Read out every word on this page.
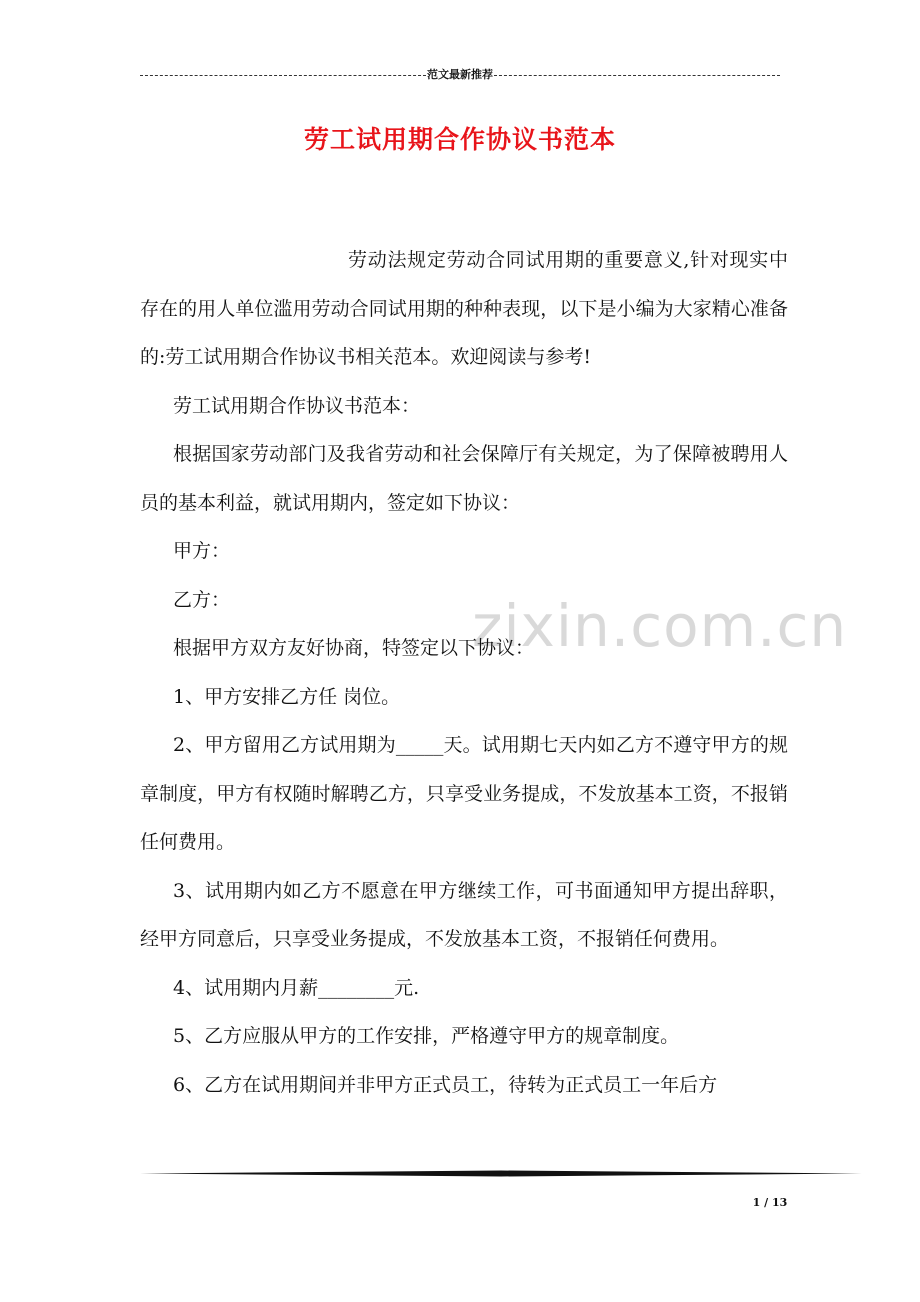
范文最新推荐
劳工试用期合作协议书范本
zixin.com.cn

劳动法规定劳动合同试用期的重要意义,针对现实中存在的用人单位滥用劳动合同试用期的种种表现，以下是小编为大家精心准备的:劳工试用期合作协议书相关范本。欢迎阅读与参考!

劳工试用期合作协议书范本：

根据国家劳动部门及我省劳动和社会保障厅有关规定，为了保障被聘用人员的基本利益，就试用期内，签定如下协议：

甲方：

乙方：

根据甲方双方友好协商，特签定以下协议：

1、甲方安排乙方任 岗位。

2、甲方留用乙方试用期为_____天。试用期七天内如乙方不遵守甲方的规章制度，甲方有权随时解聘乙方，只享受业务提成，不发放基本工资，不报销任何费用。

3、试用期内如乙方不愿意在甲方继续工作，可书面通知甲方提出辞职，经甲方同意后，只享受业务提成，不发放基本工资，不报销任何费用。

4、试用期内月薪________元.

5、乙方应服从甲方的工作安排，严格遵守甲方的规章制度。

6、乙方在试用期间并非甲方正式员工，待转为正式员工一年后方

1 / 13
